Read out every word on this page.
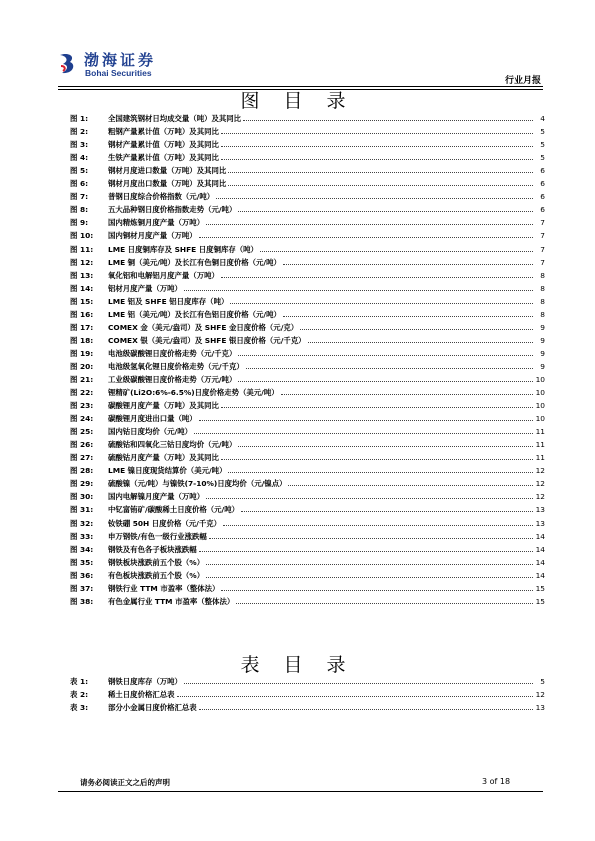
渤海证券
Bohai Securities
行业月报
图 目 录
图 1:	全国建筑钢材日均成交量（吨）及其同比	4
图 2:	粗钢产量累计值（万吨）及其同比	5
图 3:	钢材产量累计值（万吨）及其同比	5
图 4:	生铁产量累计值（万吨）及其同比	5
图 5:	钢材月度进口数量（万吨）及其同比	6
图 6:	钢材月度出口数量（万吨）及其同比	6
图 7:	普钢日度综合价格指数（元/吨）	6
图 8:	五大品种钢日度价格指数走势（元/吨）	6
图 9:	国内精炼铜月度产量（万吨）	7
图 10:	国内铜材月度产量（万吨）	7
图 11:	LME 日度铜库存及 SHFE 日度铜库存（吨）	7
图 12:	LME 铜（美元/吨）及长江有色铜日度价格（元/吨）	7
图 13:	氧化铝和电解铝月度产量（万吨）	8
图 14:	铝材月度产量（万吨）	8
图 15:	LME 铝及 SHFE 铝日度库存（吨）	8
图 16:	LME 铝（美元/吨）及长江有色铝日度价格（元/吨）	8
图 17:	COMEX 金（美元/盎司）及 SHFE 金日度价格（元/克）	9
图 18:	COMEX 银（美元/盎司）及 SHFE 银日度价格（元/千克）	9
图 19:	电池级碳酸锂日度价格走势（元/千克）	9
图 20:	电池级氢氧化锂日度价格走势（元/千克）	9
图 21:	工业级碳酸锂日度价格走势（万元/吨）	10
图 22:	锂精矿(Li2O:6%-6.5%)日度价格走势（美元/吨）	10
图 23:	碳酸锂月度产量（万吨）及其同比	10
图 24:	碳酸锂月度进出口量（吨）	10
图 25:	国内钴日度均价（元/吨）	11
图 26:	硫酸钴和四氧化三钴日度均价（元/吨）	11
图 27:	硫酸钴月度产量（万吨）及其同比	11
图 28:	LME 镍日度现货结算价（美元/吨）	12
图 29:	硫酸镍（元/吨）与镍铁(7-10%)日度均价（元/镍点）	12
图 30:	国内电解镍月度产量（万吨）	12
图 31:	中钇富铕矿/碳酸稀土日度价格（元/吨）	13
图 32:	钕铁硼 50H 日度价格（元/千克）	13
图 33:	申万钢铁/有色一级行业涨跌幅	14
图 34:	钢铁及有色各子板块涨跌幅	14
图 35:	钢铁板块涨跌前五个股（%）	14
图 36:	有色板块涨跌前五个股（%）	14
图 37:	钢铁行业 TTM 市盈率（整体法）	15
图 38:	有色金属行业 TTM 市盈率（整体法）	15
表 目 录
表 1:	钢铁日度库存（万吨）	5
表 2:	稀土日度价格汇总表	12
表 3:	部分小金属日度价格汇总表	13
请务必阅读正文之后的声明	3 of 18
